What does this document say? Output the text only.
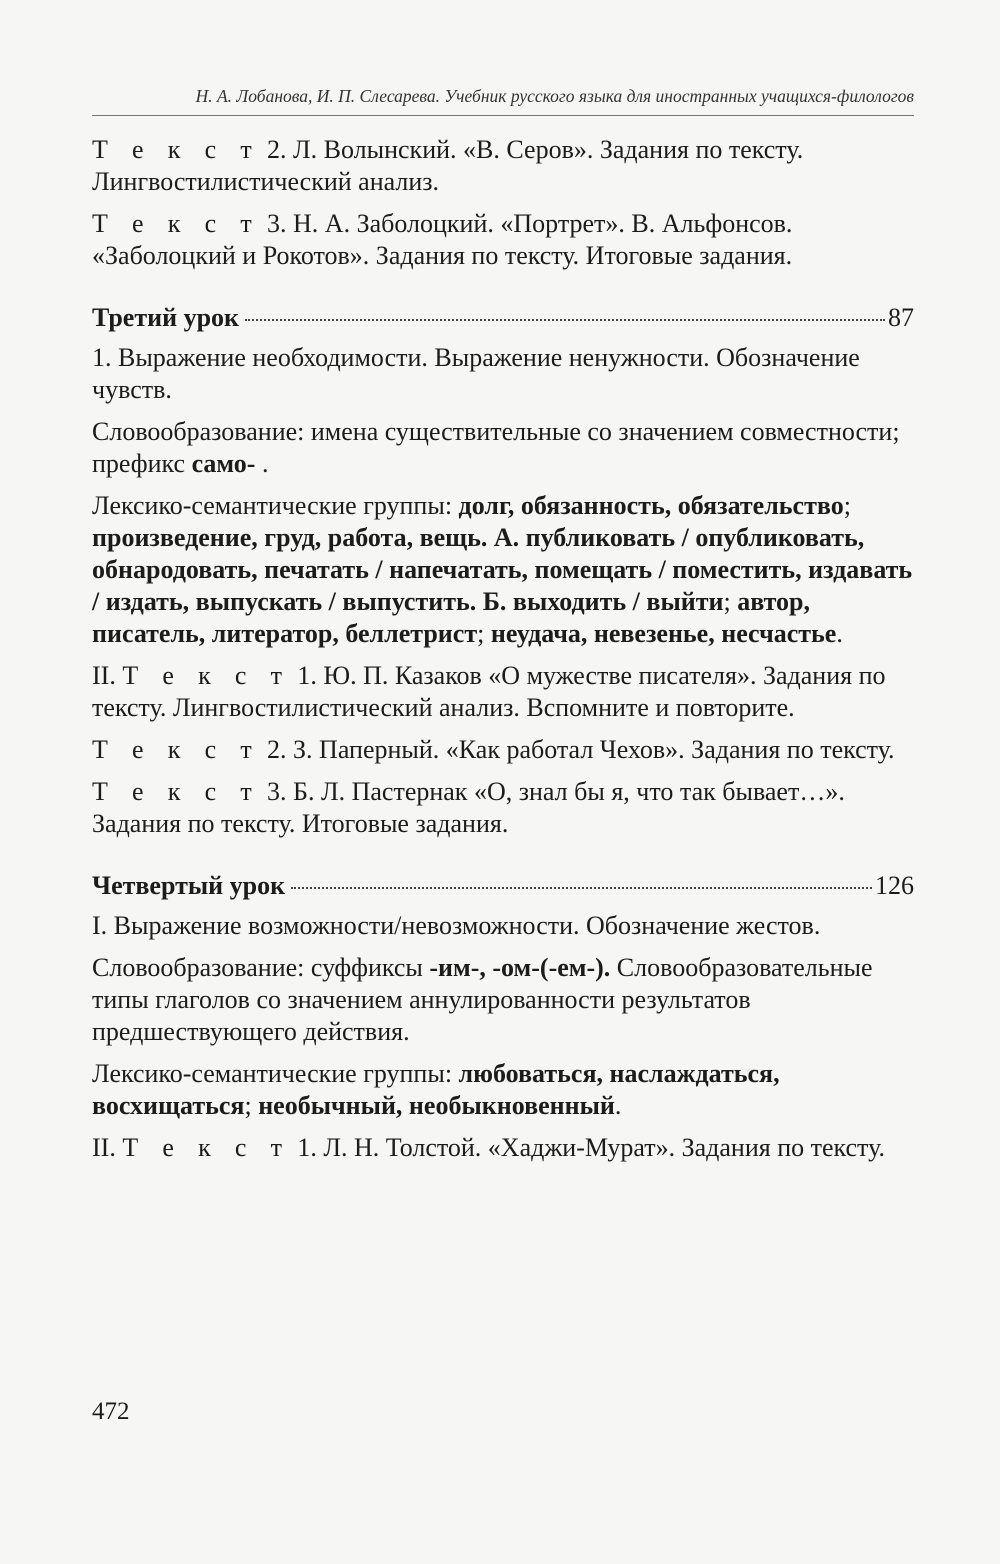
Н. А. Лобанова, И. П. Слесарева. Учебник русского языка для иностранных учащихся-филологов

Т е к с т 2. Л. Волынский. «В. Серов». Задания по тексту. Лингвостилистический анализ.

Т е к с т 3. Н. А. Заболоцкий. «Портрет». В. Альфонсов. «Заболоцкий и Рокотов». Задания по тексту. Итоговые задания.

Третий урок	87

1. Выражение необходимости. Выражение ненужности. Обозначение чувств.

Словообразование: имена существительные со значением совместности; префикс само- .

Лексико-семантические группы: долг, обязанность, обязательство; произведение, груд, работа, вещь. А. публиковать / опубликовать, обнародовать, печатать / напечатать, помещать / поместить, издавать / издать, выпускать / выпустить. Б. выходить / выйти; автор, писатель, литератор, беллетрист; неудача, невезенье, несчастье.

II. Т е к с т 1. Ю. П. Казаков «О мужестве писателя». Задания по тексту. Лингвостилистический анализ. Вспомните и повторите.

Т е к с т 2. З. Паперный. «Как работал Чехов». Задания по тексту.

Т е к с т 3. Б. Л. Пастернак «О, знал бы я, что так бывает…». Задания по тексту. Итоговые задания.

Четвертый урок	126

I. Выражение возможности/невозможности. Обозначение жестов.

Словообразование: суффиксы -им-, -ом-(-ем-). Словообразовательные типы глаголов со значением аннулированности результатов предшествующего действия.

Лексико-семантические группы: любоваться, наслаждаться, восхищаться; необычный, необыкновенный.

II. Т е к с т 1. Л. Н. Толстой. «Хаджи-Мурат». Задания по тексту.

472
